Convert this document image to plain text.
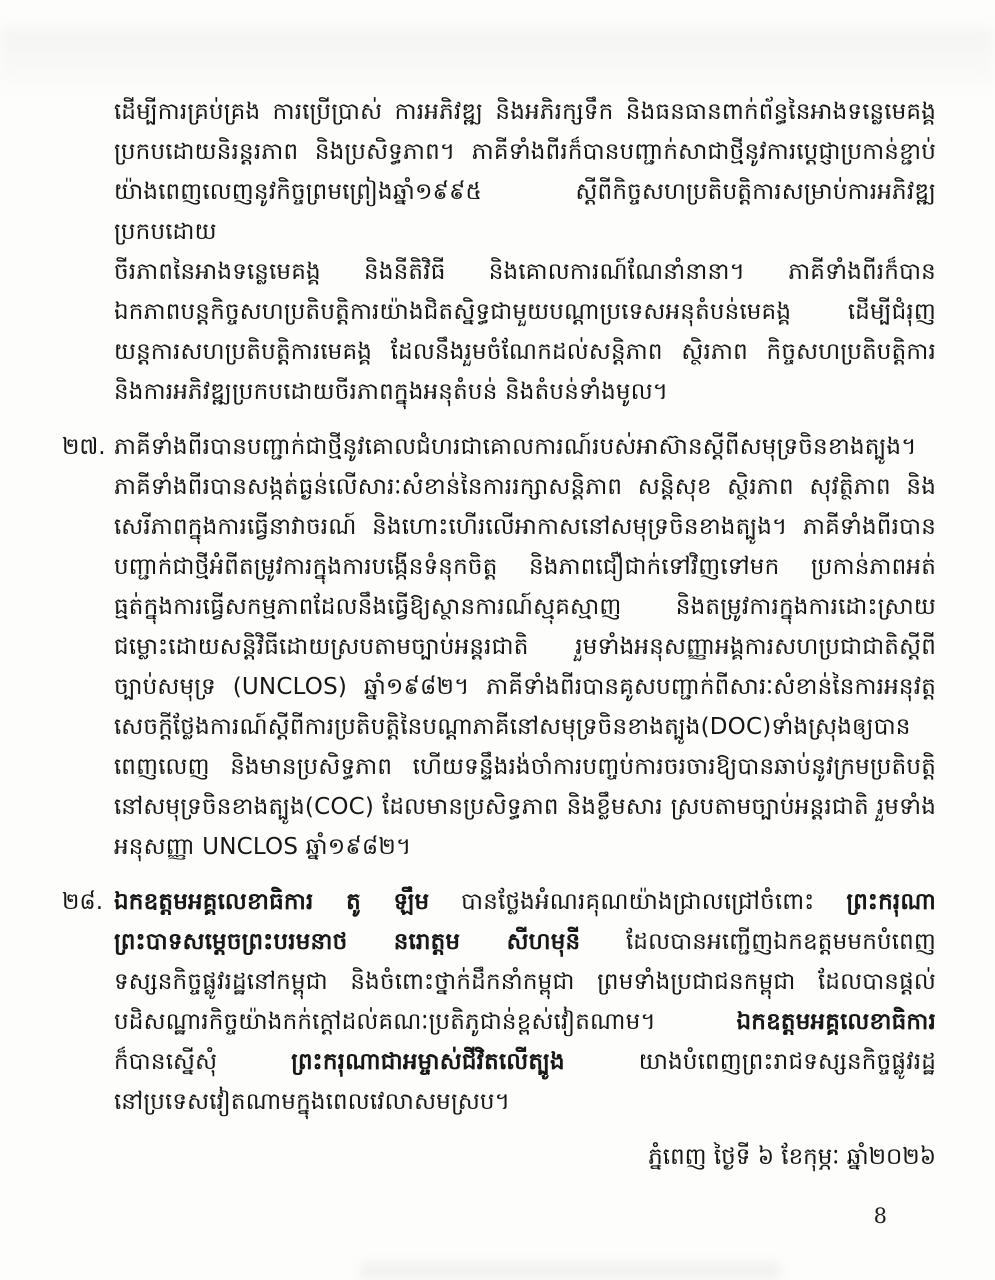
ដើម្បីការគ្រប់គ្រង ការប្រើប្រាស់ ការអភិវឌ្ឍ និងអភិរក្សទឹក និងធនធានពាក់ព័ន្ធនៃអាងទន្លេមេគង្គ
ប្រកបដោយនិរន្តរភាព និងប្រសិទ្ធភាព។ ភាគីទាំងពីរក៏បានបញ្ជាក់សាជាថ្មីនូវការប្តេជ្ញាប្រកាន់ខ្ជាប់
យ៉ាងពេញលេញនូវកិច្ចព្រមព្រៀងឆ្នាំ១៩៩៥ ស្តីពីកិច្ចសហប្រតិបត្តិការសម្រាប់ការអភិវឌ្ឍប្រកបដោយ
ចីរភាពនៃអាងទន្លេមេគង្គ និងនីតិវិធី និងគោលការណ៍ណែនាំនានា។ ភាគីទាំងពីរក៏បាន
ឯកភាពបន្តកិច្ចសហប្រតិបត្តិការយ៉ាងជិតស្និទ្ធជាមួយបណ្តាប្រទេសអនុតំបន់មេគង្គ ដើម្បីជំរុញ
យន្តការសហប្រតិបត្តិការមេគង្គ ដែលនឹងរួមចំណែកដល់សន្តិភាព ស្ថិរភាព កិច្ចសហប្រតិបត្តិការ
និងការអភិវឌ្ឍប្រកបដោយចីរភាពក្នុងអនុតំបន់ និងតំបន់ទាំងមូល។
២៧. ភាគីទាំងពីរបានបញ្ជាក់ជាថ្មីនូវគោលជំហរជាគោលការណ៍របស់អាស៊ានស្តីពីសមុទ្រចិនខាងត្បូង។
ភាគីទាំងពីរបានសង្កត់ធ្ងន់លើសារៈសំខាន់នៃការរក្សាសន្តិភាព សន្តិសុខ ស្ថិរភាព សុវត្ថិភាព និង
សេរីភាពក្នុងការធ្វើនាវាចរណ៍ និងហោះហើរលើអាកាសនៅសមុទ្រចិនខាងត្បូង។ ភាគីទាំងពីរបាន
បញ្ជាក់ជាថ្មីអំពីតម្រូវការក្នុងការបង្កើនទំនុកចិត្ត និងភាពជឿជាក់ទៅវិញទៅមក ប្រកាន់ភាពអត់
ធ្មត់ក្នុងការធ្វើសកម្មភាពដែលនឹងធ្វើឱ្យស្ថានការណ៍ស្មុគស្មាញ និងតម្រូវការក្នុងការដោះស្រាយ
ជម្លោះដោយសន្តិវិធីដោយស្របតាមច្បាប់អន្តរជាតិ រួមទាំងអនុសញ្ញាអង្គការសហប្រជាជាតិស្តីពី
ច្បាប់សមុទ្រ (UNCLOS) ឆ្នាំ១៩៨២។ ភាគីទាំងពីរបានគូសបញ្ជាក់ពីសារៈសំខាន់នៃការអនុវត្ត
សេចក្តីថ្លែងការណ៍ស្តីពីការប្រតិបត្តិនៃបណ្តាភាគីនៅសមុទ្រចិនខាងត្បូង(DOC)ទាំងស្រុងឲ្យបាន
ពេញលេញ និងមានប្រសិទ្ធភាព ហើយទន្ទឹងរង់ចាំការបញ្ចប់ការចរចារឱ្យបានឆាប់នូវក្រមប្រតិបត្តិ
នៅសមុទ្រចិនខាងត្បូង(COC) ដែលមានប្រសិទ្ធភាព និងខ្លឹមសារ ស្របតាមច្បាប់អន្តរជាតិ រួមទាំង
អនុសញ្ញា UNCLOS ឆ្នាំ១៩៨២។
២៨. ឯកឧត្តមអគ្គលេខាធិការ តូ ឡឹម បានថ្លែងអំណរគុណយ៉ាងជ្រាលជ្រៅចំពោះ ព្រះករុណា
ព្រះបាទសម្តេចព្រះបរមនាថ នរោត្តម សីហមុនី ដែលបានអញ្ជើញឯកឧត្តមមកបំពេញ
ទស្សនកិច្ចផ្លូវរដ្ឋនៅកម្ពុជា និងចំពោះថ្នាក់ដឹកនាំកម្ពុជា ព្រមទាំងប្រជាជនកម្ពុជា ដែលបានផ្តល់
បដិសណ្ឋារកិច្ចយ៉ាងកក់ក្តៅដល់គណៈប្រតិភូជាន់ខ្ពស់វៀតណាម។ ឯកឧត្តមអគ្គលេខាធិការ
ក៏បានស្នើសុំ ព្រះករុណាជាអម្ចាស់ជីវិតលើត្បូង យាងបំពេញព្រះរាជទស្សនកិច្ចផ្លូវរដ្ឋ
នៅប្រទេសវៀតណាមក្នុងពេលវេលាសមស្រប។
ភ្នំពេញ ថ្ងៃទី ៦ ខែកុម្ភៈ ឆ្នាំ២០២៦
8
